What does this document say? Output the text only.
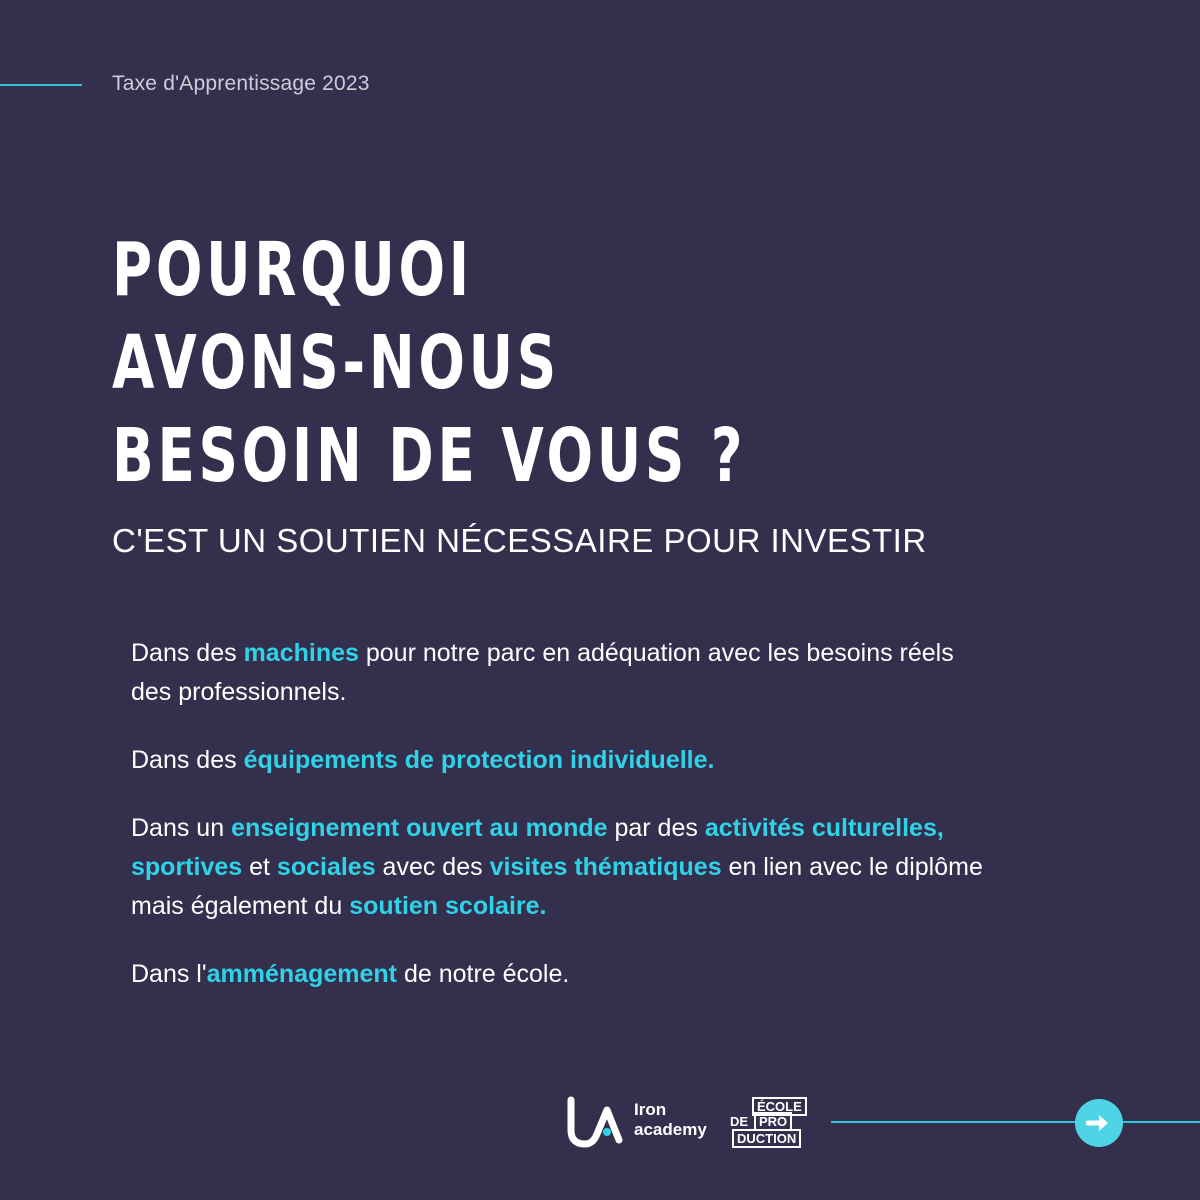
Taxe d'Apprentissage 2023
POURQUOI
AVONS-NOUS
BESOIN DE VOUS ?
C'EST UN SOUTIEN NÉCESSAIRE POUR INVESTIR

Dans des machines pour notre parc en adéquation avec les besoins réels des professionnels.

Dans des équipements de protection individuelle.

Dans un enseignement ouvert au monde par des activités culturelles, sportives et sociales avec des visites thématiques en lien avec le diplôme mais également du soutien scolaire.

Dans l'amménagement de notre école.

Iron
academy
ÉCOLE
DE PRO
DUCTION
